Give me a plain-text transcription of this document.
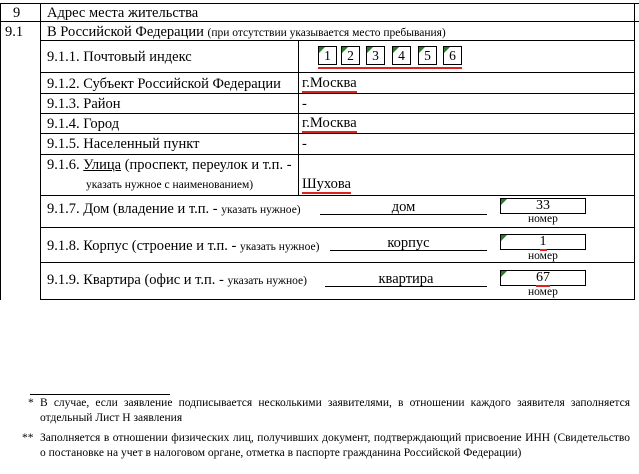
9 Адрес места жительства
9.1 В Российской Федерации (при отсутствии указывается место пребывания)
9.1.1. Почтовый индекс	1	2	3	4	5	6
9.1.2. Субъект Российской Федерации г.Москва
9.1.3. Район	-
9.1.4. Город	г.Москва
9.1.5. Населенный пункт	-
9.1.6. Улица (проспект, переулок и т.п. -
указать нужное с наименованием)	Шухова
9.1.7. Дом (владение и т.п. - указать нужное)	дом	33
номер
9.1.8. Корпус (строение и т.п. - указать нужное)	корпус	1
номер
9.1.9. Квартира (офис и т.п. - указать нужное)	квартира	67
номер
* В случае, если заявление подписывается несколькими заявителями, в отношении каждого заявителя заполняется отдельный Лист Н заявления
** Заполняется в отношении физических лиц, получивших документ, подтверждающий присвоение ИНН (Свидетельство о постановке на учет в налоговом органе, отметка в паспорте гражданина Российской Федерации)
